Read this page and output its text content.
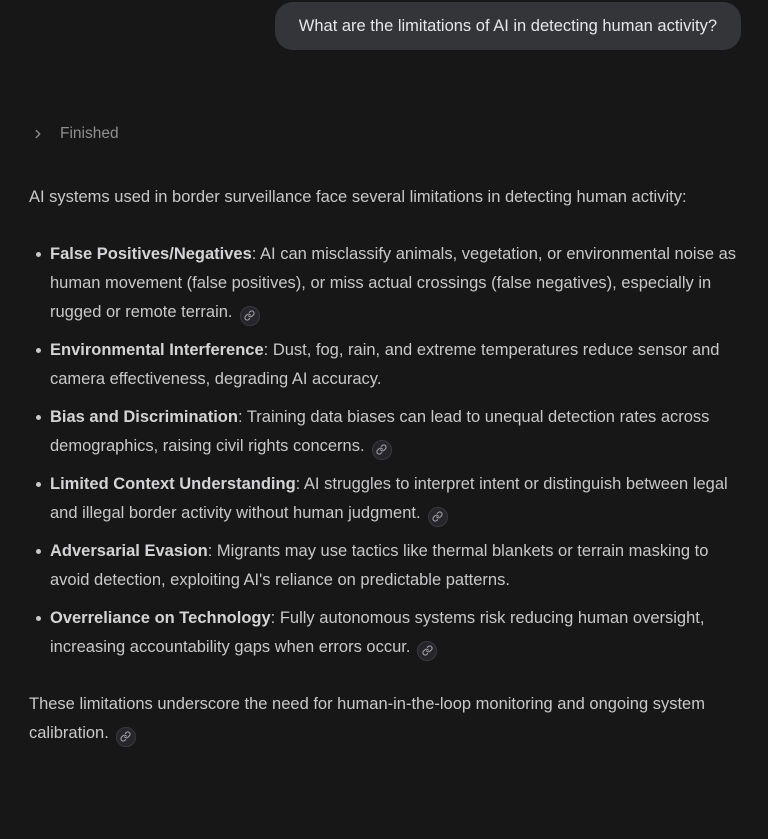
What are the limitations of AI in detecting human activity?
Finished

AI systems used in border surveillance face several limitations in detecting human activity:

False Positives/Negatives: AI can misclassify animals, vegetation, or environmental noise as human movement (false positives), or miss actual crossings (false negatives), especially in rugged or remote terrain.
Environmental Interference: Dust, fog, rain, and extreme temperatures reduce sensor and camera effectiveness, degrading AI accuracy.
Bias and Discrimination: Training data biases can lead to unequal detection rates across demographics, raising civil rights concerns.
Limited Context Understanding: AI struggles to interpret intent or distinguish between legal and illegal border activity without human judgment.
Adversarial Evasion: Migrants may use tactics like thermal blankets or terrain masking to avoid detection, exploiting AI's reliance on predictable patterns.
Overreliance on Technology: Fully autonomous systems risk reducing human oversight, increasing accountability gaps when errors occur.

These limitations underscore the need for human-in-the-loop monitoring and ongoing system calibration.
